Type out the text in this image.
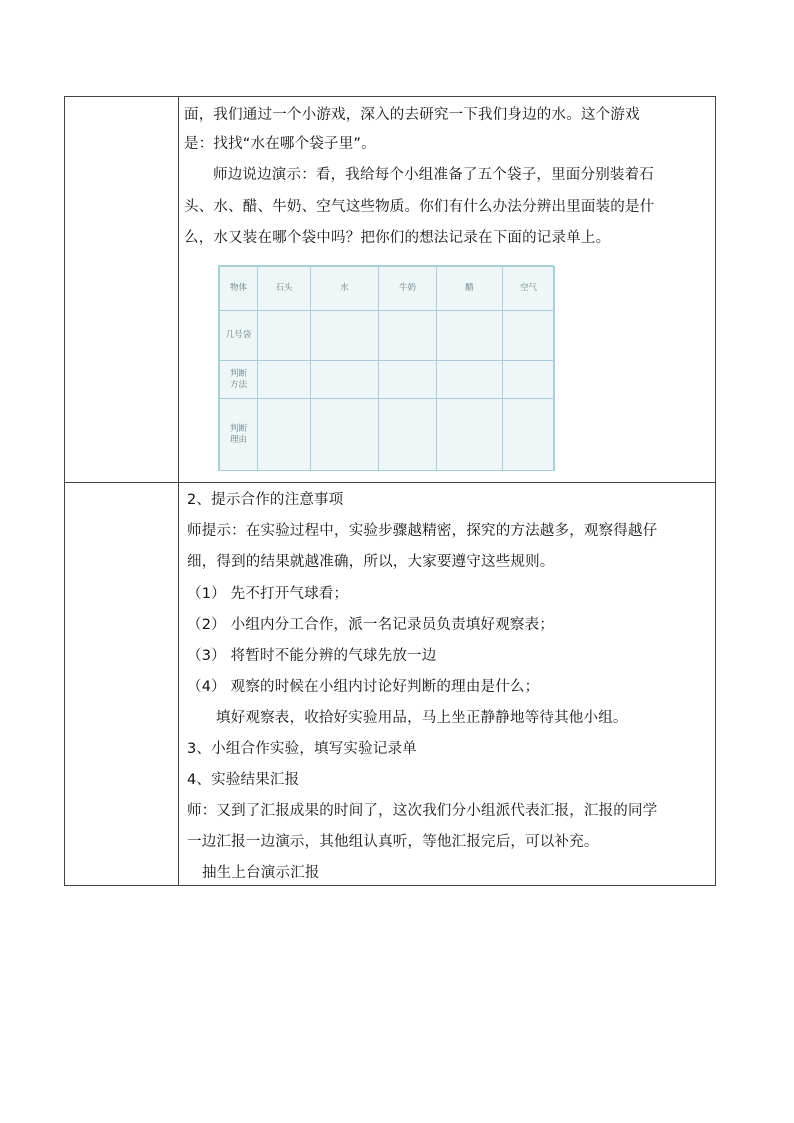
面，我们通过一个小游戏，深入的去研究一下我们身边的水。这个游戏
是：找找“水在哪个袋子里”。
师边说边演示：看，我给每个小组准备了五个袋子，里面分别装着石
头、水、醋、牛奶、空气这些物质。你们有什么办法分辨出里面装的是什
么，水又装在哪个袋中吗？把你们的想法记录在下面的记录单上。
物体	石头	水	牛奶	醋	空气
几号袋					
判断方法					
判断理由					
2、提示合作的注意事项
师提示：在实验过程中，实验步骤越精密，探究的方法越多，观察得越仔
细，得到的结果就越准确，所以，大家要遵守这些规则。
（1） 先不打开气球看；
（2） 小组内分工合作，派一名记录员负责填好观察表；
（3） 将暂时不能分辨的气球先放一边
（4） 观察的时候在小组内讨论好判断的理由是什么；
填好观察表，收拾好实验用品，马上坐正静静地等待其他小组。
3、小组合作实验，填写实验记录单
4、实验结果汇报
师：又到了汇报成果的时间了，这次我们分小组派代表汇报，汇报的同学
一边汇报一边演示，其他组认真听，等他汇报完后，可以补充。
抽生上台演示汇报
